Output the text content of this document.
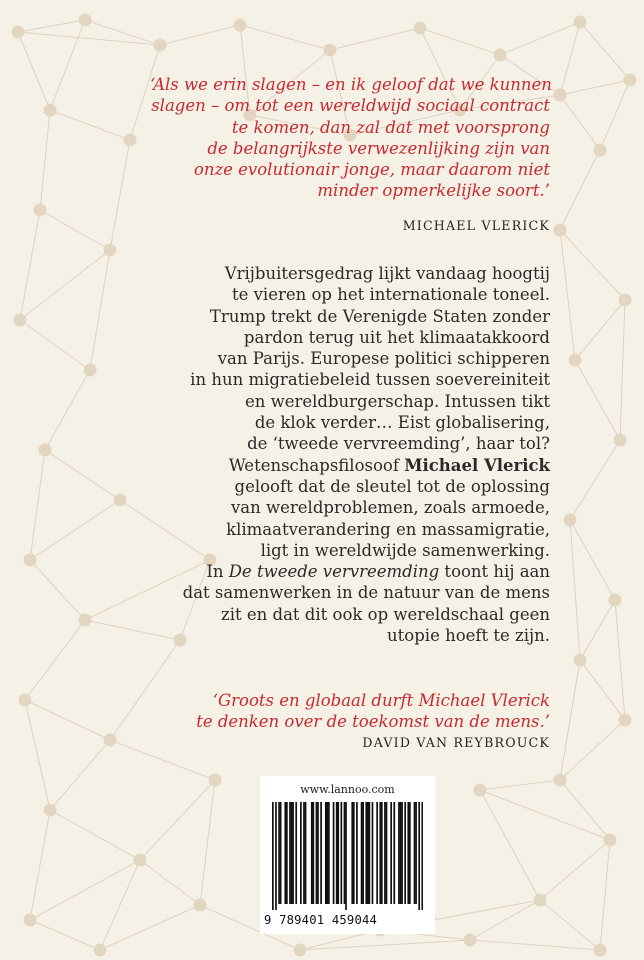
‘Als we erin slagen – en ik geloof dat we kunnen
slagen – om tot een wereldwijd sociaal contract
te komen, dan zal dat met voorsprong
de belangrijkste verwezenlijking zijn van
onze evolutionair jonge, maar daarom niet
minder opmerkelijke soort.’
MICHAEL VLERICK
Vrijbuitersgedrag lijkt vandaag hoogtij
te vieren op het internationale toneel.
Trump trekt de Verenigde Staten zonder
pardon terug uit het klimaatakkoord
van Parijs. Europese politici schipperen
in hun migratiebeleid tussen soevereiniteit
en wereldburgerschap. Intussen tikt
de klok verder… Eist globalisering,
de ‘tweede vervreemding’, haar tol?
Wetenschapsfilosoof Michael Vlerick
gelooft dat de sleutel tot de oplossing
van wereldproblemen, zoals armoede,
klimaatverandering en massamigratie,
ligt in wereldwijde samenwerking.
In De tweede vervreemding toont hij aan
dat samenwerken in de natuur van de mens
zit en dat dit ook op wereldschaal geen
utopie hoeft te zijn.
‘Groots en globaal durft Michael Vlerick
te denken over de toekomst van de mens.’
DAVID VAN REYBROUCK
www.lannoo.com
9 789401 459044
